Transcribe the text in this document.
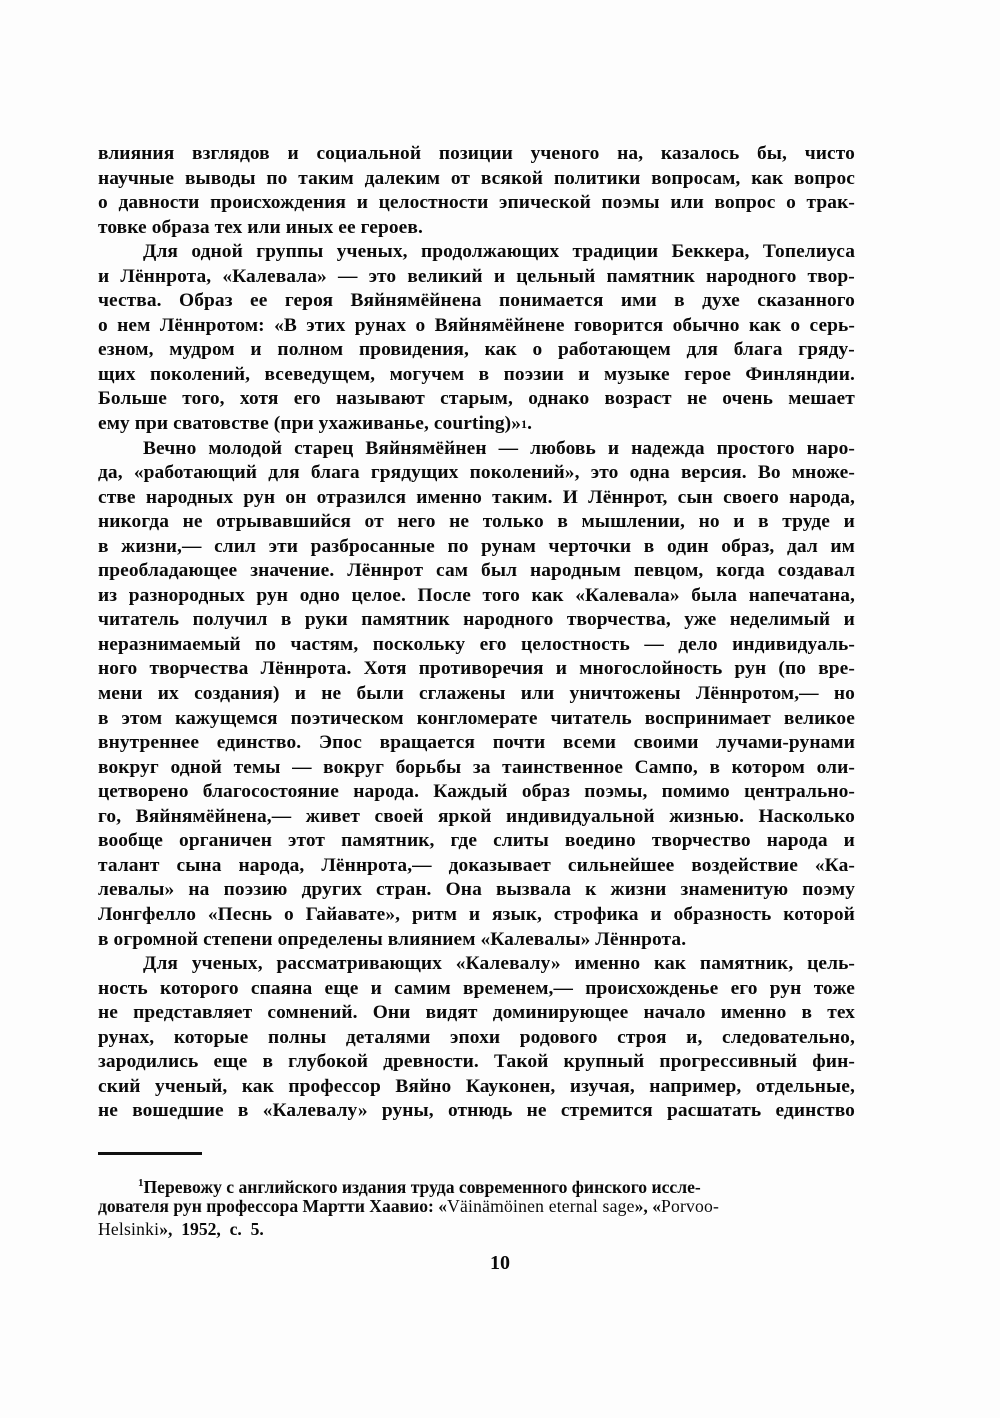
влияния взглядов и социальной позиции ученого на, казалось бы, чисто
научные выводы по таким далеким от всякой политики вопросам, как вопрос
о давности происхождения и целостности эпической поэмы или вопрос о трак-
товке образа тех или иных ее героев.
Для одной группы ученых, продолжающих традиции Беккера, Топелиуса
и Лённрота, «Калевала» — это великий и цельный памятник народного твор-
чества. Образ ее героя Вяйнямёйнена понимается ими в духе сказанного
о нем Лённротом: «В этих рунах о Вяйнямёйнене говорится обычно как о серь-
езном, мудром и полном провидения, как о работающем для блага гряду-
щих поколений, всеведущем, могучем в поэзии и музыке герое Финляндии.
Больше того, хотя его называют старым, однако возраст не очень мешает
ему при сватовстве (при ухаживанье, courting)» 1 .
Вечно молодой старец Вяйнямёйнен — любовь и надежда простого наро-
да, «работающий для блага грядущих поколений», это одна версия. Во множе-
стве народных рун он отразился именно таким. И Лённрот, сын своего народа,
никогда не отрывавшийся от него не только в мышлении, но и в труде и
в жизни,— слил эти разбросанные по рунам черточки в один образ, дал им
преобладающее значение. Лённрот сам был народным певцом, когда создавал
из разнородных рун одно целое. После того как «Калевала» была напечатана,
читатель получил в руки памятник народного творчества, уже неделимый и
неразнимаемый по частям, поскольку его целостность — дело индивидуаль-
ного творчества Лённрота. Хотя противоречия и многослойность рун (по вре-
мени их создания) и не были сглажены или уничтожены Лённротом,— но
в этом кажущемся поэтическом конгломерате читатель воспринимает великое
внутреннее единство. Эпос вращается почти всеми своими лучами-рунами
вокруг одной темы — вокруг борьбы за таинственное Сампо, в котором оли-
цетворено благосостояние народа. Каждый образ поэмы, помимо центрально-
го, Вяйнямёйнена,— живет своей яркой индивидуальной жизнью. Насколько
вообще органичен этот памятник, где слиты воедино творчество народа и
талант сына народа, Лённрота,— доказывает сильнейшее воздействие «Ка-
левалы» на поэзию других стран. Она вызвала к жизни знаменитую поэму
Лонгфелло «Песнь о Гайавате», ритм и язык, строфика и образность которой
в огромной степени определены влиянием «Калевалы» Лённрота.
Для ученых, рассматривающих «Калевалу» именно как памятник, цель-
ность которого спаяна еще и самим временем,— происхожденье его рун тоже
не представляет сомнений. Они видят доминирующее начало именно в тех
рунах, которые полны деталями эпохи родового строя и, следовательно,
зародились еще в глубокой древности. Такой крупный прогрессивный фин-
ский ученый, как профессор Вяйно Кауконен, изучая, например, отдельные,
не вошедшие в «Калевалу» руны, отнюдь не стремится расшатать единство
$^1$Перевожу с английского издания труда современного финского иссле-
дователя рун профессора Мартти Хаавио: «Väinämöinen eternal sage», «Porvoo-
Helsinki »,  1952,  с.  5.
10
